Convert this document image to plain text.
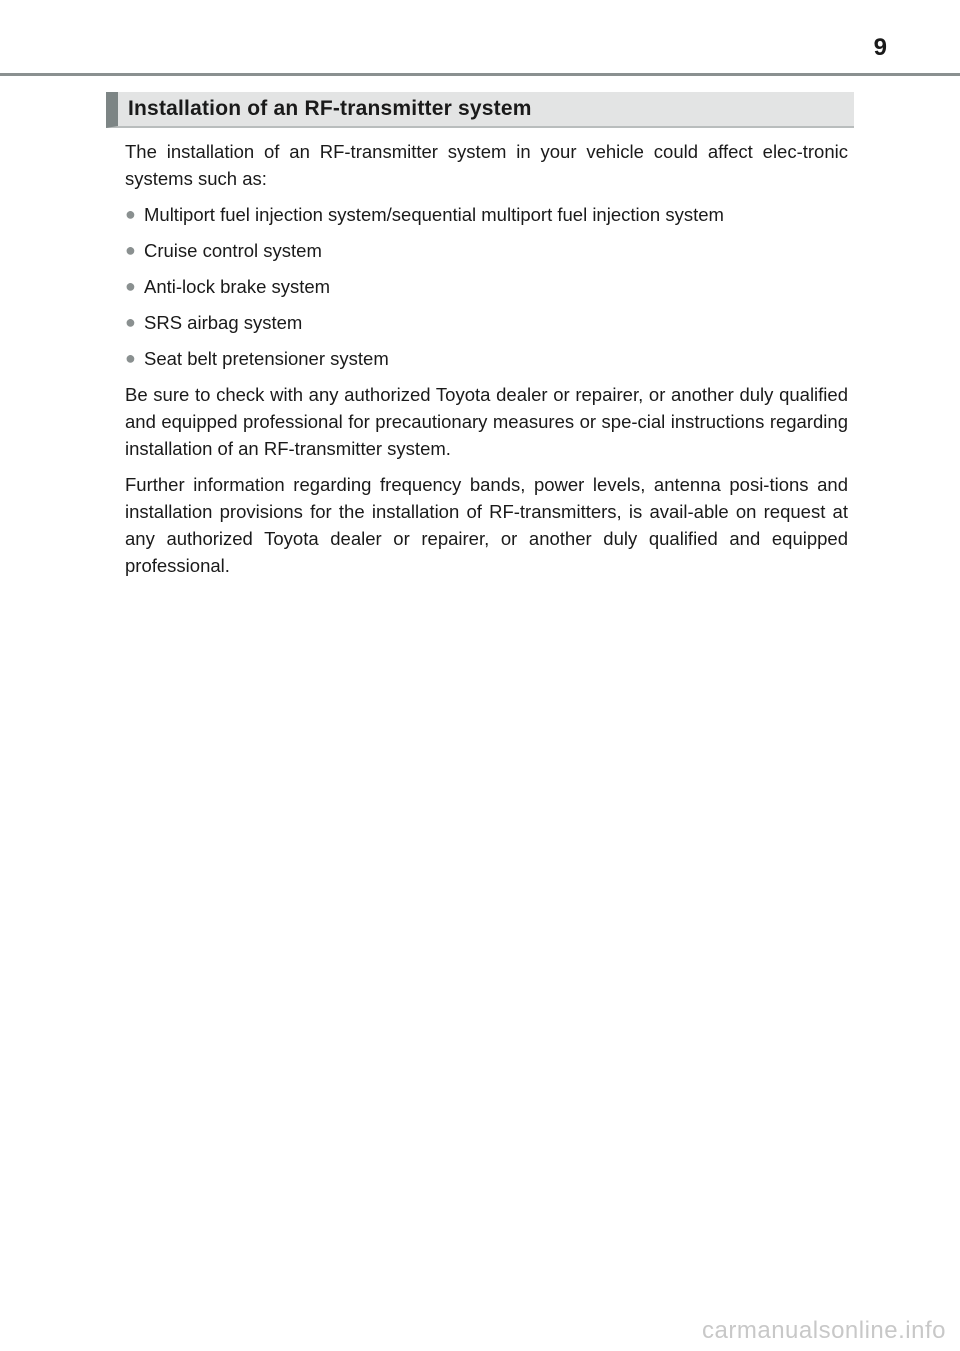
9
Installation of an RF-transmitter system

The installation of an RF-transmitter system in your vehicle could affect elec-tronic systems such as:

●
Multiport fuel injection system/sequential multiport fuel injection system
●
Cruise control system
●
Anti-lock brake system
●
SRS airbag system
●
Seat belt pretensioner system

Be sure to check with any authorized Toyota dealer or repairer, or another duly qualified and equipped professional for precautionary measures or spe-cial instructions regarding installation of an RF-transmitter system.

Further information regarding frequency bands, power levels, antenna posi-tions and installation provisions for the installation of RF-transmitters, is avail-able on request at any authorized Toyota dealer or repairer, or another duly qualified and equipped professional.

carmanualsonline.info
